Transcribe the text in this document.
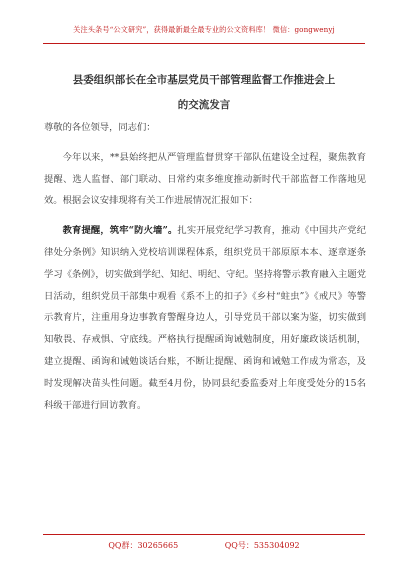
关注头条号“公文研究”，获得最新最全最专业的公文资料库！ 微信：gongwenyj
县委组织部长在全市基层党员干部管理监督工作推进会上
的交流发言

尊敬的各位领导，同志们：

今年以来，**县始终把从严管理监督贯穿干部队伍建设全过程，聚焦教育提醒、选人监督、部门联动、日常约束多维度推动新时代干部监督工作落地见效。根据会议安排现将有关工作进展情况汇报如下：

教育提醒，筑牢“防火墙”。扎实开展党纪学习教育，推动《中国共产党纪律处分条例》知识纳入党校培训课程体系，组织党员干部原原本本、逐章逐条学习《条例》，切实做到学纪、知纪、明纪、守纪。坚持将警示教育融入主题党日活动，组织党员干部集中观看《系不上的扣子》《乡村“蛀虫”》《戒尺》等警示教育片，注重用身边事教育警醒身边人，引导党员干部以案为鉴，切实做到知敬畏、存戒惧、守底线。严格执行提醒函询诫勉制度，用好廉政谈话机制，建立提醒、函询和诫勉谈话台账，不断让提醒、函询和诫勉工作成为常态，及时发现解决苗头性问题。截至4月份，协同县纪委监委对上年度受处分的15名科级干部进行回访教育。

QQ群：30265665	QQ号：535304092
